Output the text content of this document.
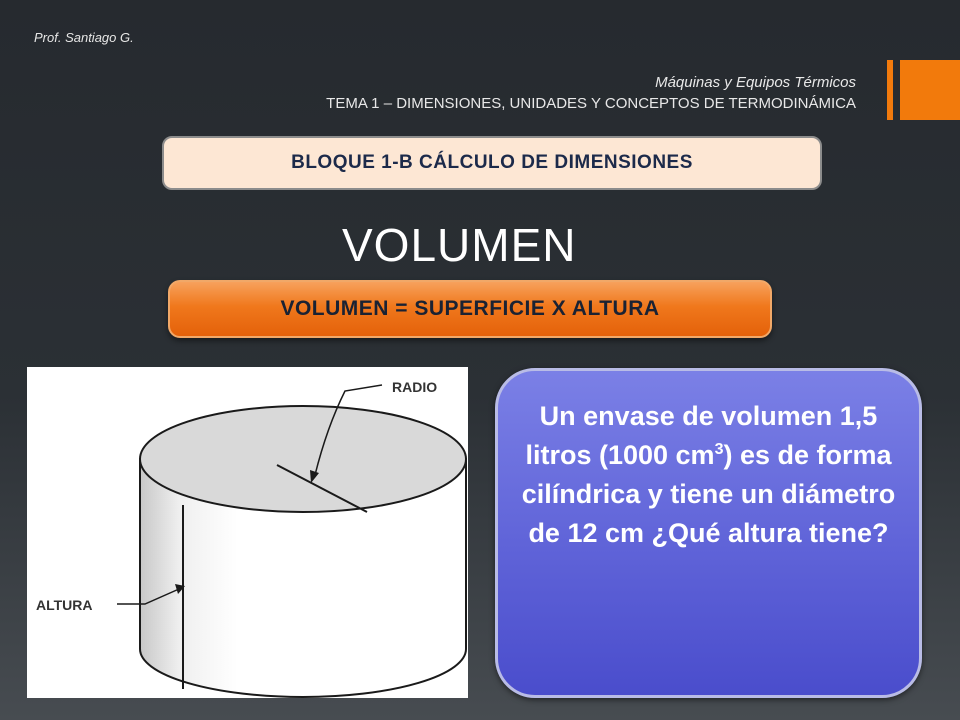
Prof. Santiago G.
Máquinas y Equipos Térmicos
TEMA 1 – DIMENSIONES, UNIDADES Y CONCEPTOS DE TERMODINÁMICA
BLOQUE 1-B CÁLCULO DE DIMENSIONES
VOLUMEN
VOLUMEN = SUPERFICIE X ALTURA
RADIO
ALTURA
Un envase de volumen 1,5 litros (1000 $cm^3$) es de forma cilíndrica y tiene un diámetro de 12 cm ¿Qué altura tiene?
